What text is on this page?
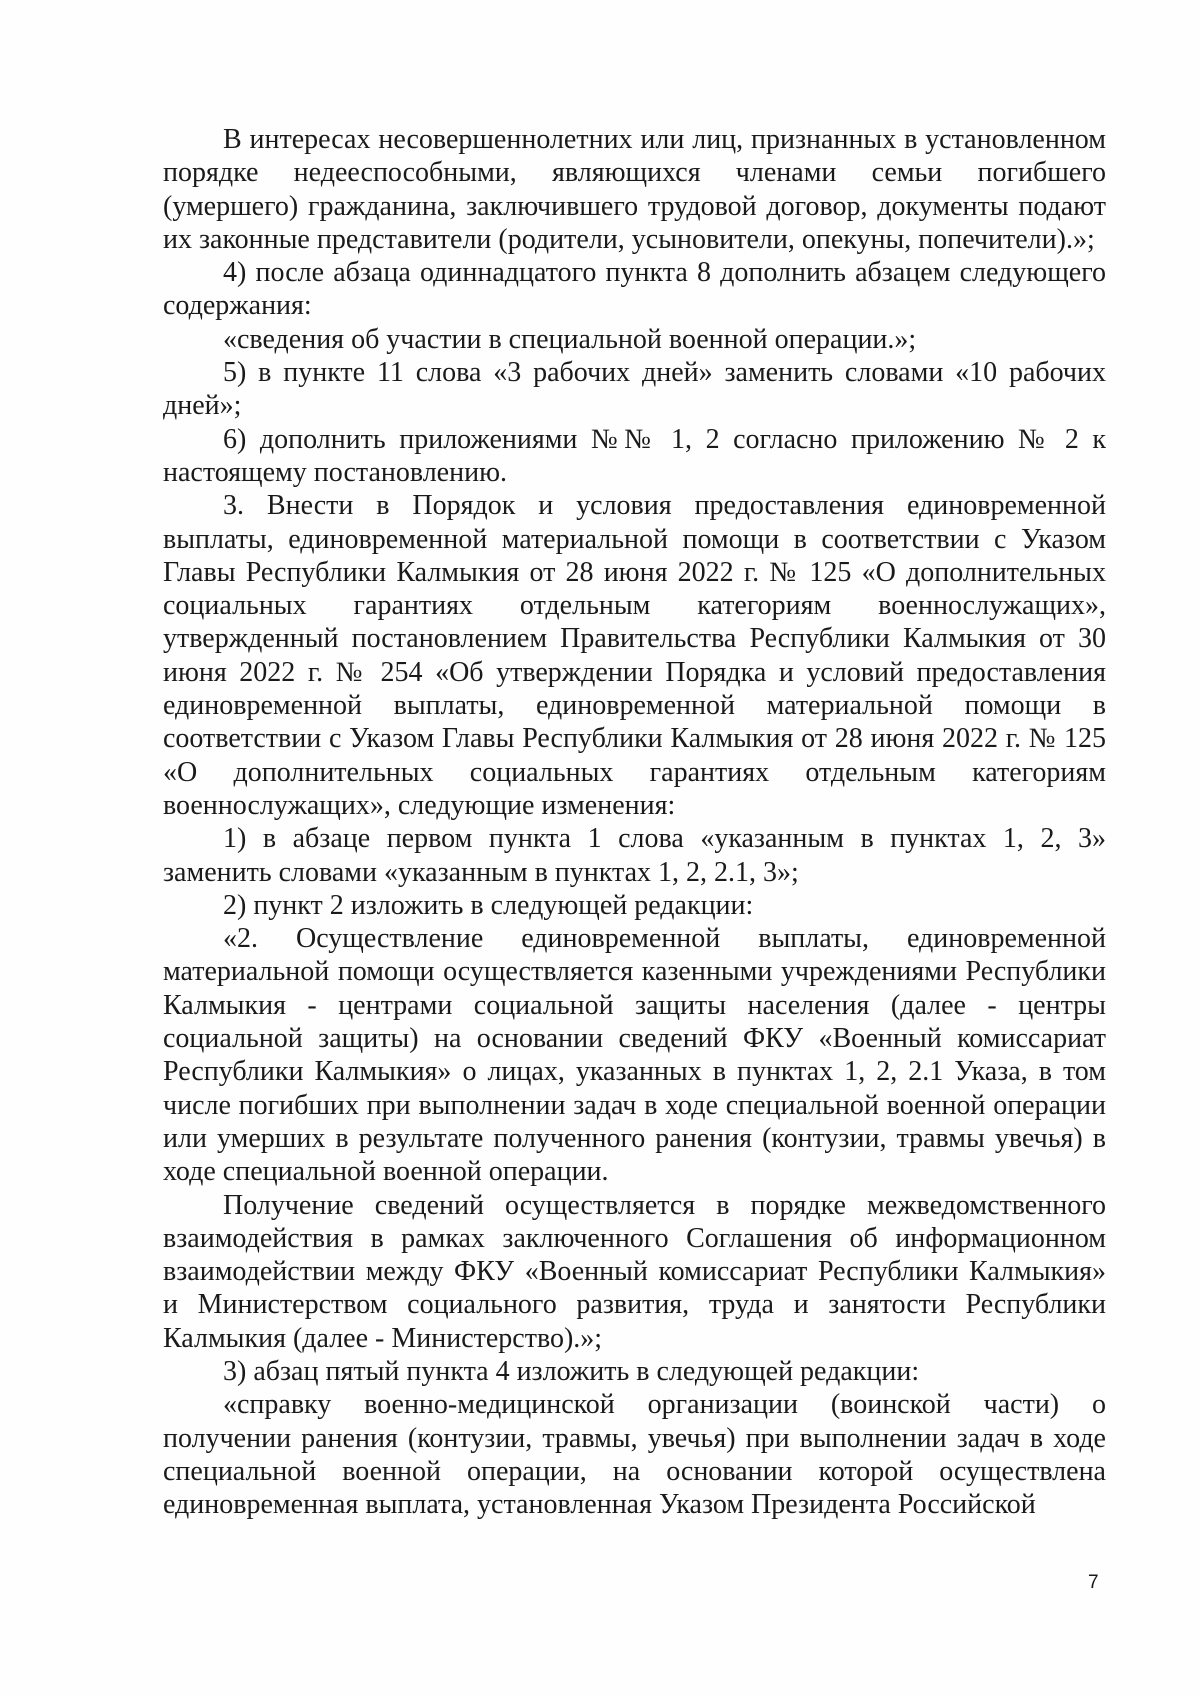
В интересах несовершеннолетних или лиц, признанных в установленном порядке недееспособными, являющихся членами семьи погибшего (умершего) гражданина, заключившего трудовой договор, документы подают их законные представители (родители, усыновители, опекуны, попечители).»;

4) после абзаца одиннадцатого пункта 8 дополнить абзацем следующего содержания:

«сведения об участии в специальной военной операции.»;

5) в пункте 11 слова «3 рабочих дней» заменить словами «10 рабочих дней»;

6) дополнить приложениями №№ 1, 2 согласно приложению № 2 к настоящему постановлению.

3. Внести в Порядок и условия предоставления единовременной выплаты, единовременной материальной помощи в соответствии с Указом Главы Республики Калмыкия от 28 июня 2022 г. № 125 «О дополнительных социальных гарантиях отдельным категориям военнослужащих», утвержденный постановлением Правительства Республики Калмыкия от 30 июня 2022 г. № 254 «Об утверждении Порядка и условий предоставления единовременной выплаты, единовременной материальной помощи в соответствии с Указом Главы Республики Калмыкия от 28 июня 2022 г. № 125 «О дополнительных социальных гарантиях отдельным категориям военнослужащих», следующие изменения:

1) в абзаце первом пункта 1 слова «указанным в пунктах 1, 2, 3» заменить словами «указанным в пунктах 1, 2, 2.1, 3»;

2) пункт 2 изложить в следующей редакции:

«2. Осуществление единовременной выплаты, единовременной материальной помощи осуществляется казенными учреждениями Республики Калмыкия - центрами социальной защиты населения (далее - центры социальной защиты) на основании сведений ФКУ «Военный комиссариат Республики Калмыкия» о лицах, указанных в пунктах 1, 2, 2.1 Указа, в том числе погибших при выполнении задач в ходе специальной военной операции или умерших в результате полученного ранения (контузии, травмы увечья) в ходе специальной военной операции.

Получение сведений осуществляется в порядке межведомственного взаимодействия в рамках заключенного Соглашения об информационном взаимодействии между ФКУ «Военный комиссариат Республики Калмыкия» и Министерством социального развития, труда и занятости Республики Калмыкия (далее - Министерство).»;

3) абзац пятый пункта 4 изложить в следующей редакции:

«справку военно-медицинской организации (воинской части) о получении ранения (контузии, травмы, увечья) при выполнении задач в ходе специальной военной операции, на основании которой осуществлена единовременная выплата, установленная Указом Президента Российской

7
